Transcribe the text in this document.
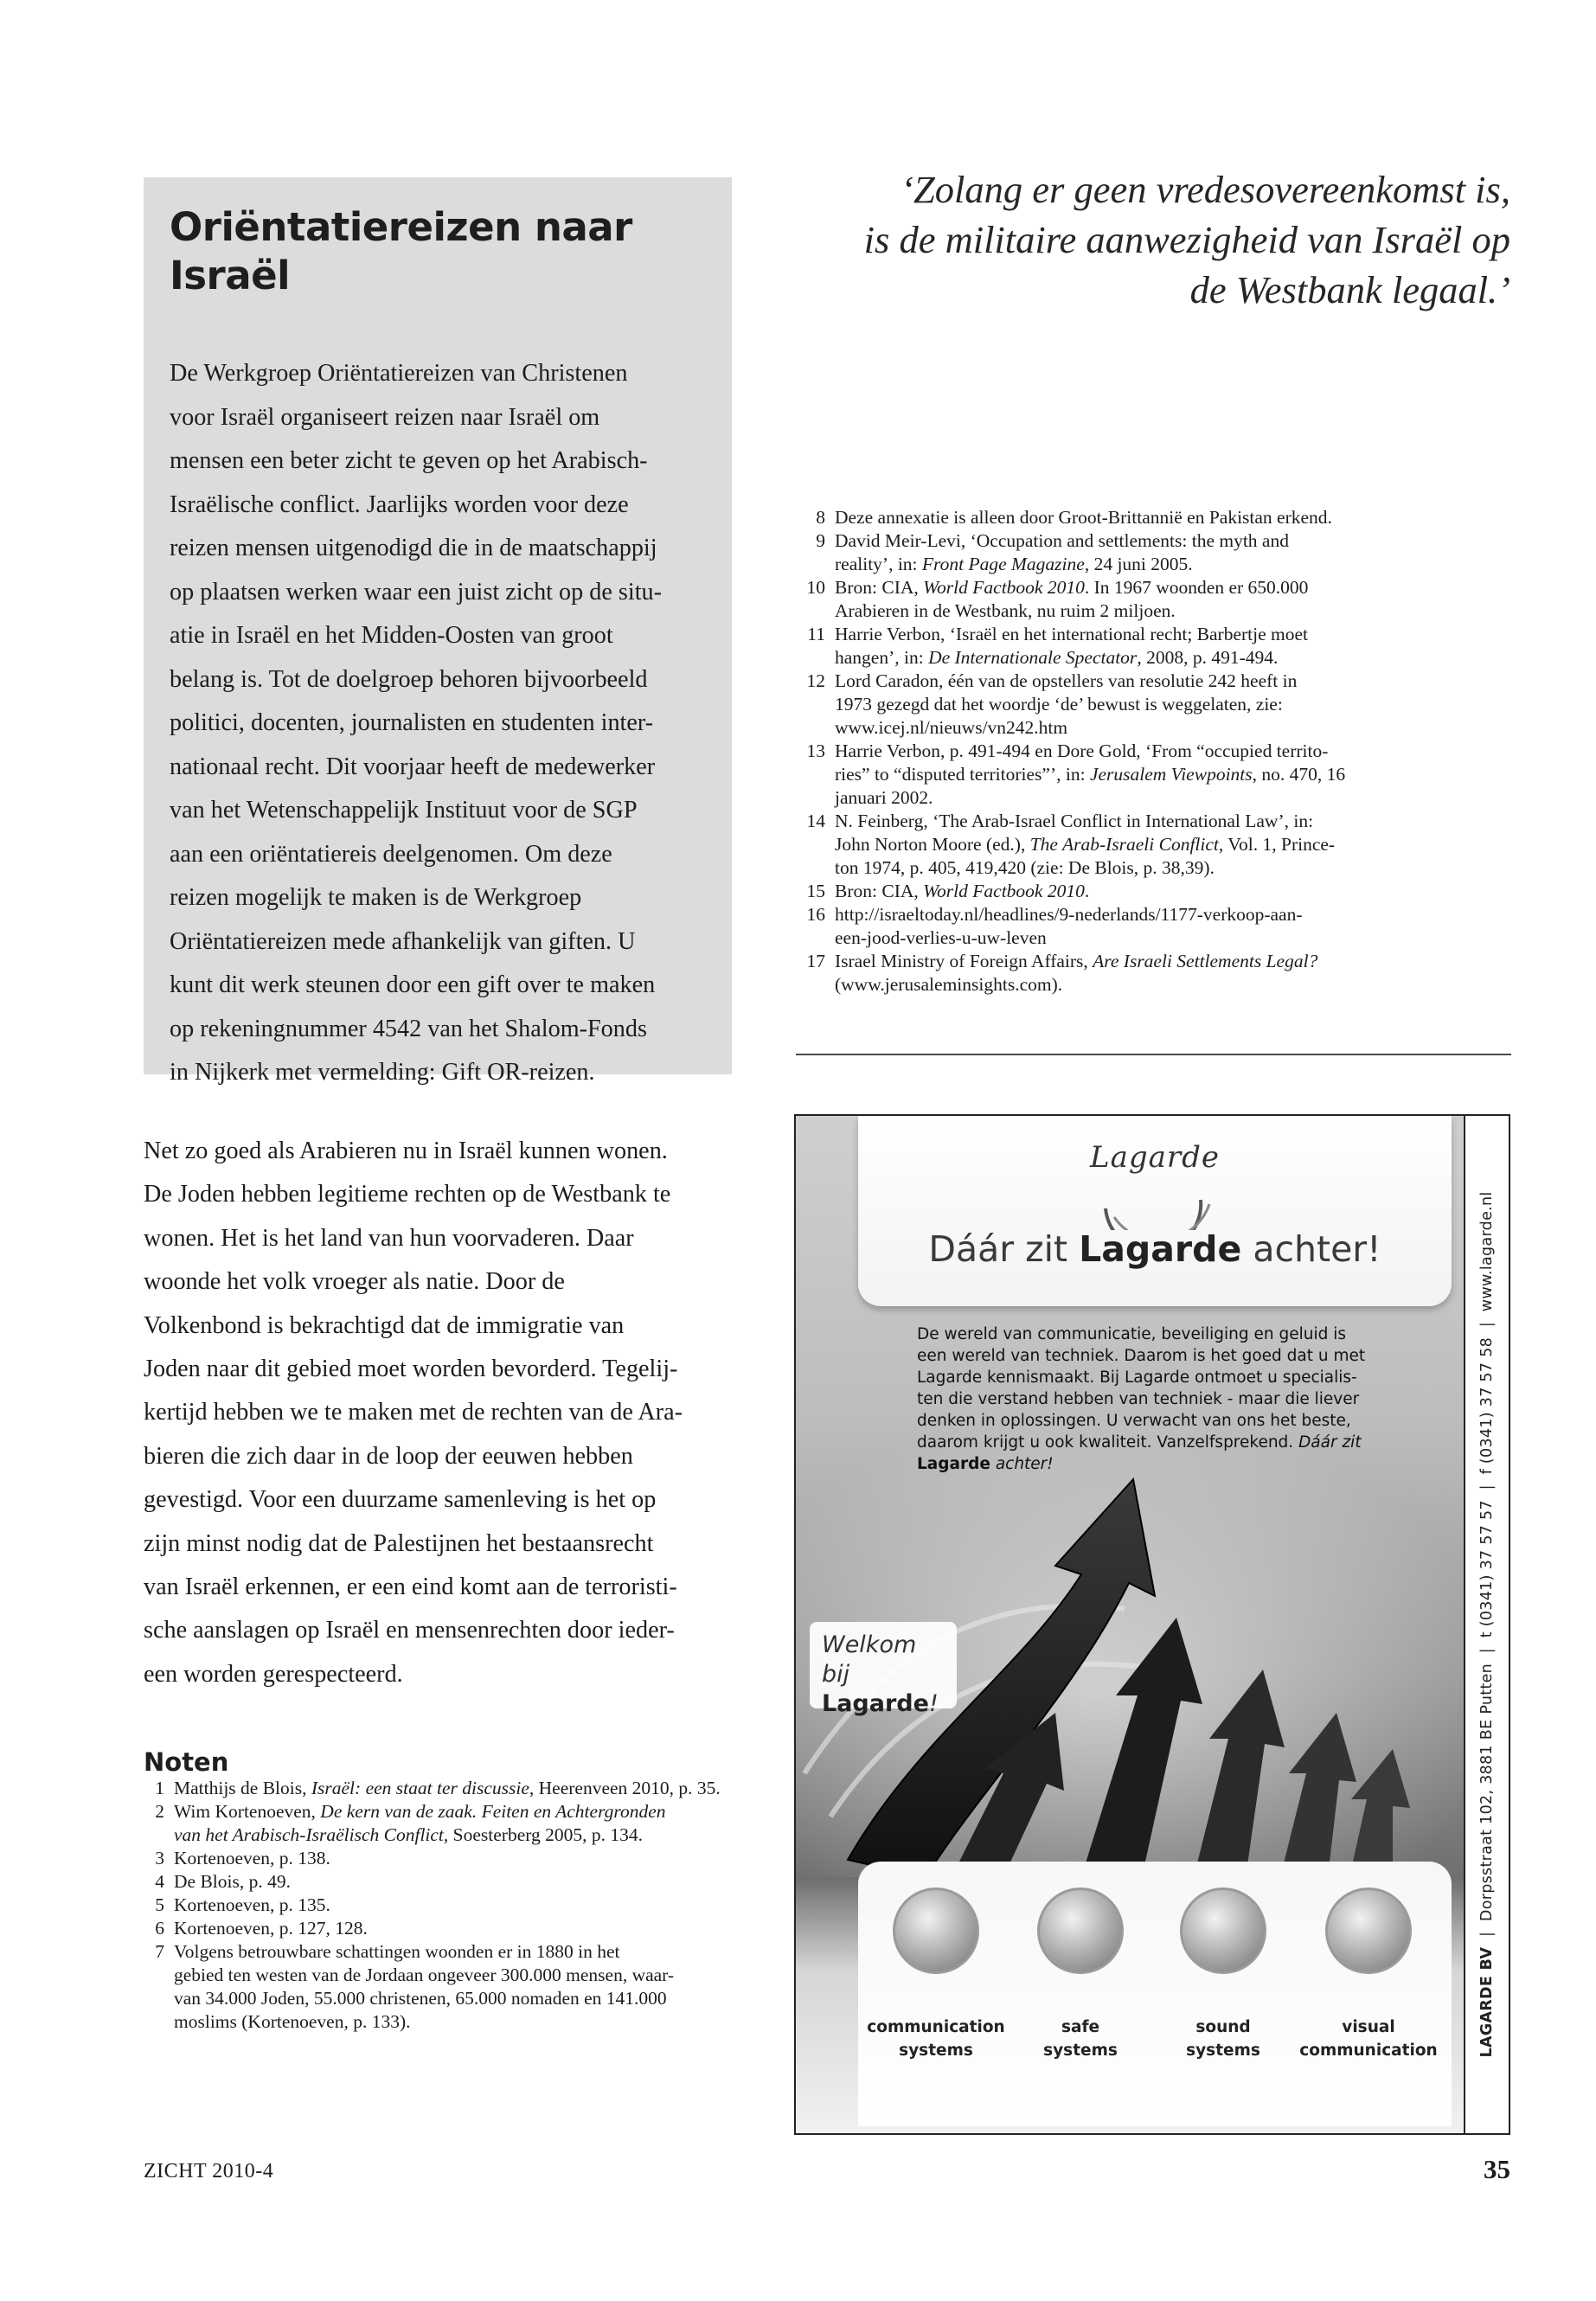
Oriëntatiereizen naar Israël
De Werkgroep Oriëntatiereizen van Christenen
voor Israël organiseert reizen naar Israël om
mensen een beter zicht te geven op het Arabisch-
Israëlische conflict. Jaarlijks worden voor deze
reizen mensen uitgenodigd die in de maatschappij
op plaatsen werken waar een juist zicht op de situ-
atie in Israël en het Midden-Oosten van groot
belang is. Tot de doelgroep behoren bijvoorbeeld
politici, docenten, journalisten en studenten inter-
nationaal recht. Dit voorjaar heeft de medewerker
van het Wetenschappelijk Instituut voor de SGP
aan een oriëntatiereis deelgenomen. Om deze
reizen mogelijk te maken is de Werkgroep
Oriëntatiereizen mede afhankelijk van giften. U
kunt dit werk steunen door een gift over te maken
op rekeningnummer 4542 van het Shalom-Fonds
in Nijkerk met vermelding: Gift OR-reizen.
‘Zolang er geen vredesovereenkomst is,
is de militaire aanwezigheid van Israël op
de Westbank legaal.’
8 Deze annexatie is alleen door Groot-Brittannië en Pakistan erkend.
9 David Meir-Levi, ‘Occupation and settlements: the myth and
reality’, in: Front Page Magazine, 24 juni 2005.
10 Bron: CIA, World Factbook 2010. In 1967 woonden er 650.000
Arabieren in de Westbank, nu ruim 2 miljoen.
11 Harrie Verbon, ‘Israël en het international recht; Barbertje moet
hangen’, in: De Internationale Spectator, 2008, p. 491-494.
12 Lord Caradon, één van de opstellers van resolutie 242 heeft in
1973 gezegd dat het woordje ‘de’ bewust is weggelaten, zie:
www.icej.nl/nieuws/vn242.htm
13 Harrie Verbon, p. 491-494 en Dore Gold, ‘From “occupied territo-
ries” to “disputed territories”’, in: Jerusalem Viewpoints, no. 470, 16
januari 2002.
14 N. Feinberg, ‘The Arab-Israel Conflict in International Law’, in:
John Norton Moore (ed.), The Arab-Israeli Conflict, Vol. 1, Prince-
ton 1974, p. 405, 419,420 (zie: De Blois, p. 38,39).
15 Bron: CIA, World Factbook 2010.
16 http://israeltoday.nl/headlines/9-nederlands/1177-verkoop-aan-
een-jood-verlies-u-uw-leven
17 Israel Ministry of Foreign Affairs, Are Israeli Settlements Legal?
(www.jerusaleminsights.com).
Net zo goed als Arabieren nu in Israël kunnen wonen.
De Joden hebben legitieme rechten op de Westbank te
wonen. Het is het land van hun voorvaderen. Daar
woonde het volk vroeger als natie. Door de
Volkenbond is bekrachtigd dat de immigratie van
Joden naar dit gebied moet worden bevorderd. Tegelij-
kertijd hebben we te maken met de rechten van de Ara-
bieren die zich daar in de loop der eeuwen hebben
gevestigd. Voor een duurzame samenleving is het op
zijn minst nodig dat de Palestijnen het bestaansrecht
van Israël erkennen, er een eind komt aan de terroristi-
sche aanslagen op Israël en mensenrechten door ieder-
een worden gerespecteerd.
Noten
1 Matthijs de Blois, Israël: een staat ter discussie, Heerenveen 2010, p. 35.
2 Wim Kortenoeven, De kern van de zaak. Feiten en Achtergronden
van het Arabisch-Israëlisch Conflict, Soesterberg 2005, p. 134.
3 Kortenoeven, p. 138.
4 De Blois, p. 49.
5 Kortenoeven, p. 135.
6 Kortenoeven, p. 127, 128.
7 Volgens betrouwbare schattingen woonden er in 1880 in het
gebied ten westen van de Jordaan ongeveer 300.000 mensen, waar-
van 34.000 Joden, 55.000 christenen, 65.000 nomaden en 141.000
moslims (Kortenoeven, p. 133).
ZICHT 2010-4	35
Lagarde
Dáár zit Lagarde achter!
De wereld van communicatie, beveiliging en geluid is
een wereld van techniek. Daarom is het goed dat u met
Lagarde kennismaakt. Bij Lagarde ontmoet u specialis-
ten die verstand hebben van techniek - maar die liever
denken in oplossingen. U verwacht van ons het beste,
daarom krijgt u ook kwaliteit. Vanzelfsprekend. Dáár zit
Lagarde achter!
Welkom
bij Lagarde!
communication
systems
safe
systems
sound
systems
visual
communication	LAGARDE BV  |  Dorpsstraat 102, 3881 BE Putten  |  t (0341) 37 57 57  |  f (0341) 37 57 58  |  www.lagarde.nl
